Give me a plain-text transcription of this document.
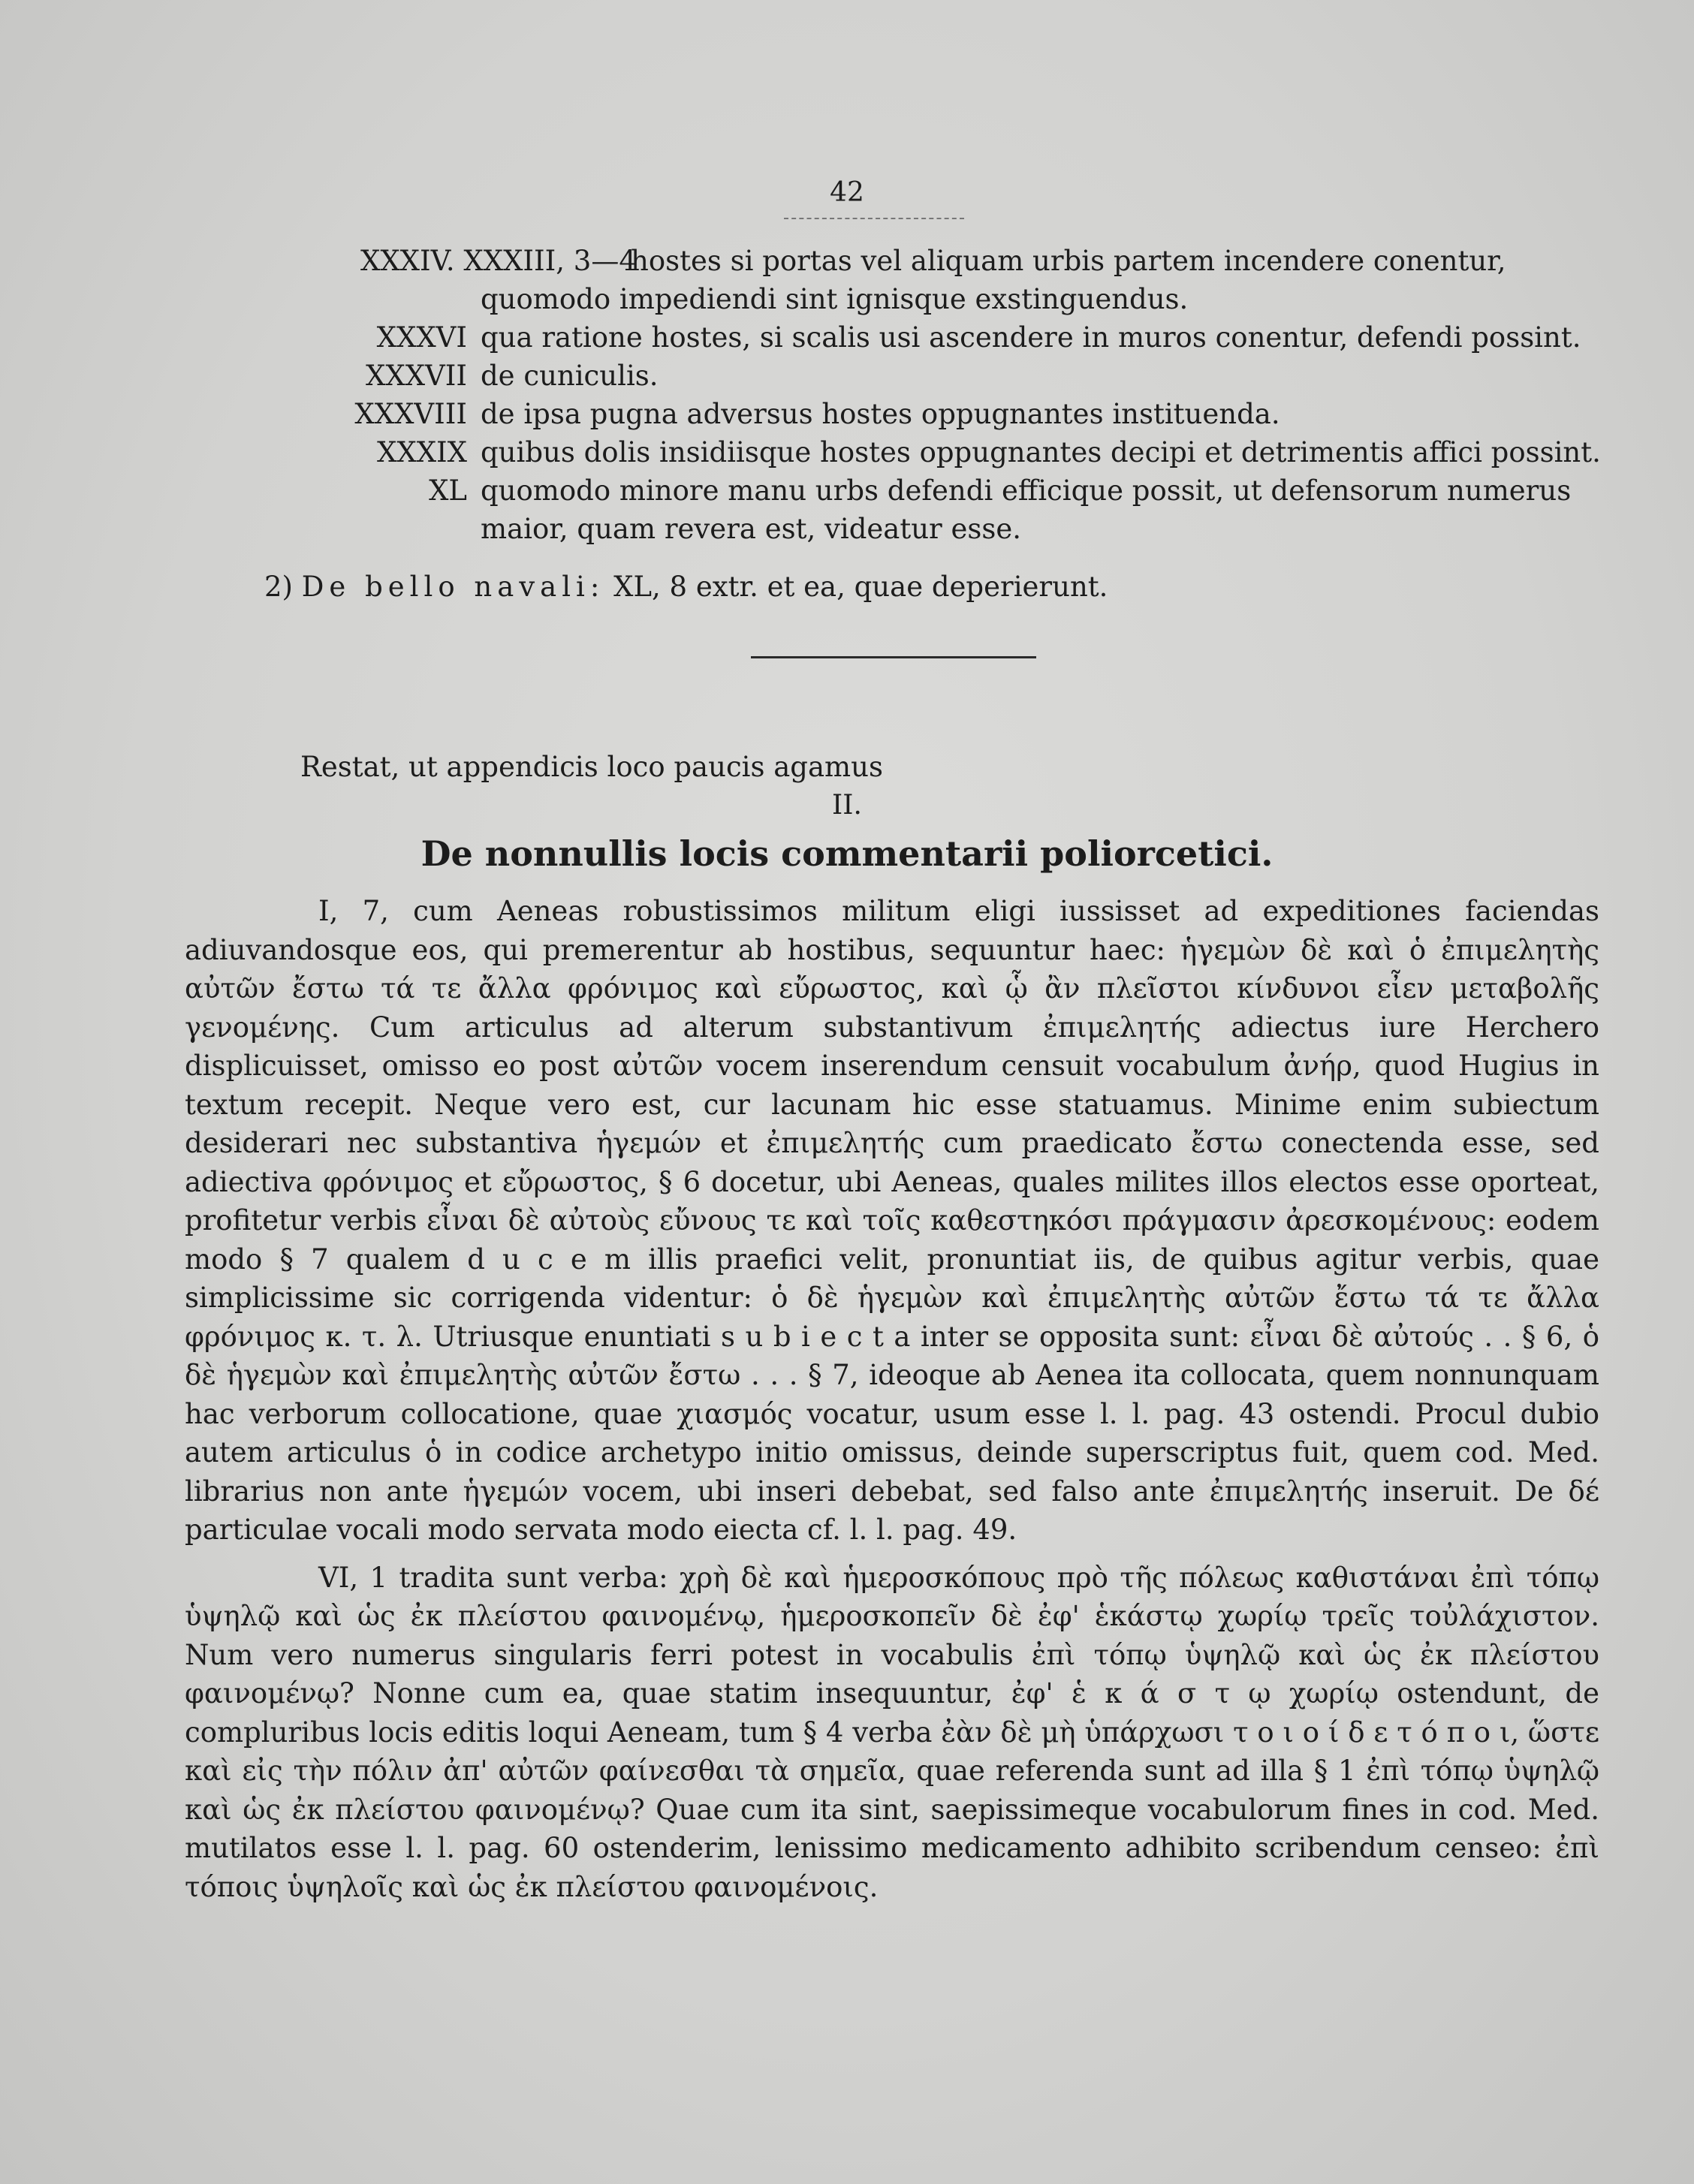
42
XXXIV. XXXIII, 3—4
hostes si portas vel aliquam urbis partem incendere conentur,
quomodo impediendi sint ignisque exstinguendus.
XXXVI qua ratione hostes, si scalis usi ascendere in muros conentur, defendi possint.
XXXVII de cuniculis.
XXXVIII de ipsa pugna adversus hostes oppugnantes instituenda.
XXXIX quibus dolis insidiisque hostes oppugnantes decipi et detrimentis affici possint.
XL quomodo minore manu urbs defendi efficique possit, ut defensorum numerus
maior, quam revera est, videatur esse.
2) De bello navali: XL, 8 extr. et ea, quae deperierunt.
Restat, ut appendicis loco paucis agamus
II.
De nonnullis locis commentarii poliorcetici.

I, 7, cum Aeneas robustissimos militum eligi iussisset ad expeditiones faciendas adiuvandosque eos, qui premerentur ab hostibus, sequuntur haec: ἡγεμὼν δὲ καὶ ὁ ἐπιμελητὴς αὐτῶν ἔστω τά τε ἄλλα φρόνιμος καὶ εὔρωστος, καὶ ᾧ ἂν πλεῖστοι κίνδυνοι εἶεν μεταβολῆς γενομένης. Cum articulus ad alterum substantivum ἐπιμελητής adiectus iure Herchero displicuisset, omisso eo post αὐτῶν vocem inserendum censuit vocabulum ἀνήρ, quod Hugius in textum recepit. Neque vero est, cur lacunam hic esse statuamus. Minime enim subiectum desiderari nec substantiva ἡγεμών et ἐπιμελητής cum praedicato ἔστω conectenda esse, sed adiectiva φρόνιμος et εὔρωστος, § 6 docetur, ubi Aeneas, quales milites illos electos esse oporteat, profitetur verbis εἶναι δὲ αὐτοὺς εὔνους τε καὶ τοῖς καθεστηκόσι πράγμασιν ἀρεσκομένους: eodem modo § 7 qualem d u c e m illis praefici velit, pronuntiat iis, de quibus agitur verbis, quae simplicissime sic corrigenda videntur: ὁ δὲ ἡγεμὼν καὶ ἐπιμελητὴς αὐτῶν ἔστω τά τε ἄλλα φρόνιμος κ. τ. λ. Utriusque enuntiati s u b i e c t a inter se opposita sunt: εἶναι δὲ αὐτούς . . § 6, ὁ δὲ ἡγεμὼν καὶ ἐπιμελητὴς αὐτῶν ἔστω . . . § 7, ideoque ab Aenea ita collocata, quem nonnunquam hac verborum collocatione, quae χιασμός vocatur, usum esse l. l. pag. 43 ostendi. Procul dubio autem articulus ὁ in codice archetypo initio omissus, deinde superscriptus fuit, quem cod. Med. librarius non ante ἡγεμών vocem, ubi inseri debebat, sed falso ante ἐπιμελητής inseruit. De δέ particulae vocali modo servata modo eiecta cf. l. l. pag. 49.

VI, 1 tradita sunt verba: χρὴ δὲ καὶ ἡμεροσκόπους πρὸ τῆς πόλεως καθιστάναι ἐπὶ τόπῳ ὑψηλῷ καὶ ὡς ἐκ πλείστου φαινομένῳ, ἡμεροσκοπεῖν δὲ ἐφ' ἑκάστῳ χωρίῳ τρεῖς τοὐλάχιστον. Num vero numerus singularis ferri potest in vocabulis ἐπὶ τόπῳ ὑψηλῷ καὶ ὡς ἐκ πλείστου φαινομένῳ? Nonne cum ea, quae statim insequuntur, ἐφ' ἑ κ ά σ τ ῳ χωρίῳ ostendunt, de compluribus locis editis loqui Aeneam, tum § 4 verba ἐὰν δὲ μὴ ὑπάρχωσι τ ο ι ο ί δ ε τ ό π ο ι, ὥστε καὶ εἰς τὴν πόλιν ἀπ' αὐτῶν φαίνεσθαι τὰ σημεῖα, quae referenda sunt ad illa § 1 ἐπὶ τόπῳ ὑψηλῷ καὶ ὡς ἐκ πλείστου φαινομένῳ? Quae cum ita sint, saepissimeque vocabulorum fines in cod. Med. mutilatos esse l. l. pag. 60 ostenderim, lenissimo medicamento adhibito scribendum censeo: ἐπὶ τόποις ὑψηλοῖς καὶ ὡς ἐκ πλείστου φαινομένοις.
